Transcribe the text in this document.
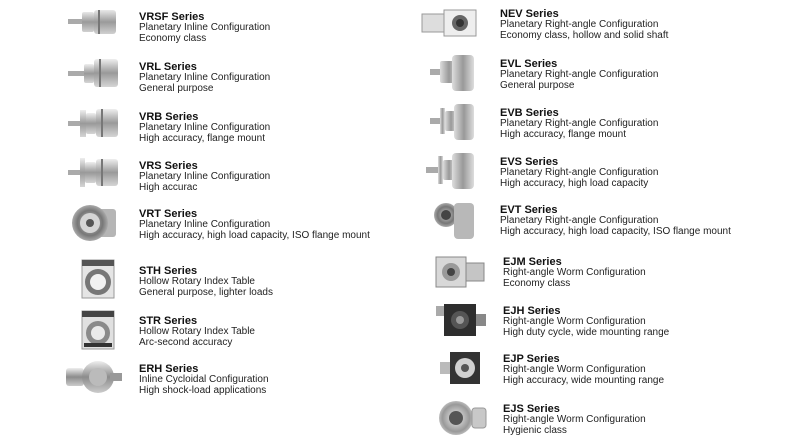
VRSF Series
Planetary Inline Configuration
Economy class
VRL Series
Planetary Inline Configuration
General purpose
VRB Series
Planetary Inline Configuration
High accuracy, flange mount
VRS Series
Planetary Inline Configuration
High accurac
VRT Series
Planetary Inline Configuration
High accuracy, high load capacity, ISO flange mount
STH Series
Hollow Rotary Index Table
General purpose, lighter loads
STR Series
Hollow Rotary Index Table
Arc-second accuracy
ERH Series
Inline Cycloidal Configuration
High shock-load applications
NEV Series
Planetary Right-angle Configuration
Economy class, hollow and solid shaft
EVL Series
Planetary Right-angle Configuration
General purpose
EVB Series
Planetary Right-angle Configuration
High accuracy, flange mount
EVS Series
Planetary Right-angle Configuration
High accuracy, high load capacity
EVT Series
Planetary Right-angle Configuration
High accuracy, high load capacity, ISO flange mount
EJM Series
Right-angle Worm Configuration
Economy class
EJH Series
Right-angle Worm Configuration
High duty cycle, wide mounting range
EJP Series
Right-angle Worm Configuration
High accuracy, wide mounting range
EJS Series
Right-angle Worm Configuration
Hygienic class
